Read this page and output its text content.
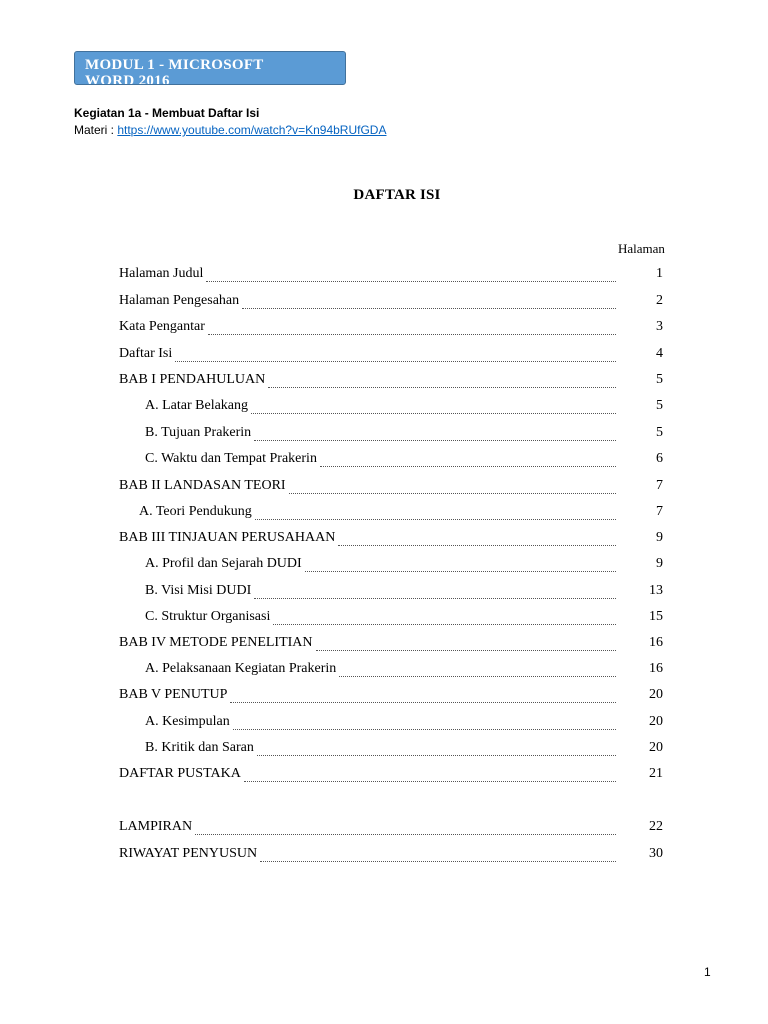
MODUL 1 - MICROSOFT WORD 2016
Kegiatan 1a - Membuat Daftar Isi
Materi : https://www.youtube.com/watch?v=Kn94bRUfGDA
DAFTAR ISI
Halaman
Halaman Judul	1
Halaman Pengesahan	2
Kata Pengantar	3
Daftar Isi	4
BAB I PENDAHULUAN	5
A. Latar Belakang	5
B. Tujuan Prakerin	5
C. Waktu dan Tempat Prakerin	6
BAB II LANDASAN TEORI	7
A. Teori Pendukung	7
BAB III TINJAUAN PERUSAHAAN	9
A. Profil dan Sejarah DUDI	9
B. Visi Misi DUDI	13
C. Struktur Organisasi	15
BAB IV METODE PENELITIAN	16
A. Pelaksanaan Kegiatan Prakerin	16
BAB V PENUTUP	20
A. Kesimpulan	20
B. Kritik dan Saran	20
DAFTAR PUSTAKA	21
LAMPIRAN	22
RIWAYAT PENYUSUN	30
1
